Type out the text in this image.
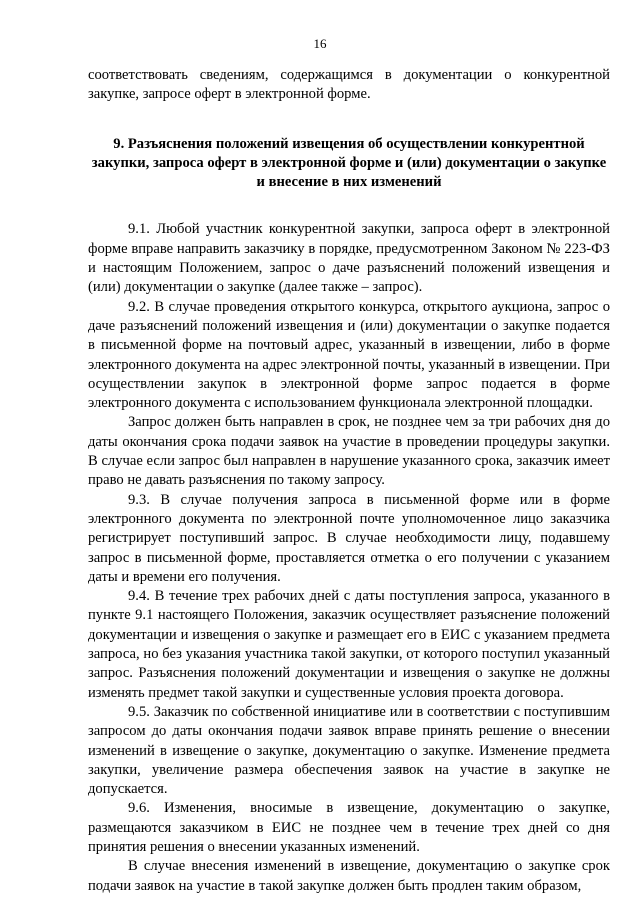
16

соответствовать сведениям, содержащимся в документации о конкурентной закупке, запросе оферт в электронной форме.

9. Разъяснения положений извещения об осуществлении конкурентной закупки, запроса оферт в электронной форме и (или) документации о закупке и внесение в них изменений

9.1. Любой участник конкурентной закупки, запроса оферт в электронной форме вправе направить заказчику в порядке, предусмотренном Законом № 223-ФЗ и настоящим Положением, запрос о даче разъяснений положений извещения и (или) документации о закупке (далее также – запрос).

9.2. В случае проведения открытого конкурса, открытого аукциона, запрос о даче разъяснений положений извещения и (или) документации о закупке подается в письменной форме на почтовый адрес, указанный в извещении, либо в форме электронного документа на адрес электронной почты, указанный в извещении. При осуществлении закупок в электронной форме запрос подается в форме электронного документа с использованием функционала электронной площадки.

Запрос должен быть направлен в срок, не позднее чем за три рабочих дня до даты окончания срока подачи заявок на участие в проведении процедуры закупки. В случае если запрос был направлен в нарушение указанного срока, заказчик имеет право не давать разъяснения по такому запросу.

9.3. В случае получения запроса в письменной форме или в форме электронного документа по электронной почте уполномоченное лицо заказчика регистрирует поступивший запрос. В случае необходимости лицу, подавшему запрос в письменной форме, проставляется отметка о его получении с указанием даты и времени его получения.

9.4. В течение трех рабочих дней с даты поступления запроса, указанного в пункте 9.1 настоящего Положения, заказчик осуществляет разъяснение положений документации и извещения о закупке и размещает его в ЕИС с указанием предмета запроса, но без указания участника такой закупки, от которого поступил указанный запрос. Разъяснения положений документации и извещения о закупке не должны изменять предмет такой закупки и существенные условия проекта договора.

9.5. Заказчик по собственной инициативе или в соответствии с поступившим запросом до даты окончания подачи заявок вправе принять решение о внесении изменений в извещение о закупке, документацию о закупке. Изменение предмета закупки, увеличение размера обеспечения заявок на участие в закупке не допускается.

9.6. Изменения, вносимые в извещение, документацию о закупке, размещаются заказчиком в ЕИС не позднее чем в течение трех дней со дня принятия решения о внесении указанных изменений.

В случае внесения изменений в извещение, документацию о закупке срок подачи заявок на участие в такой закупке должен быть продлен таким образом,
